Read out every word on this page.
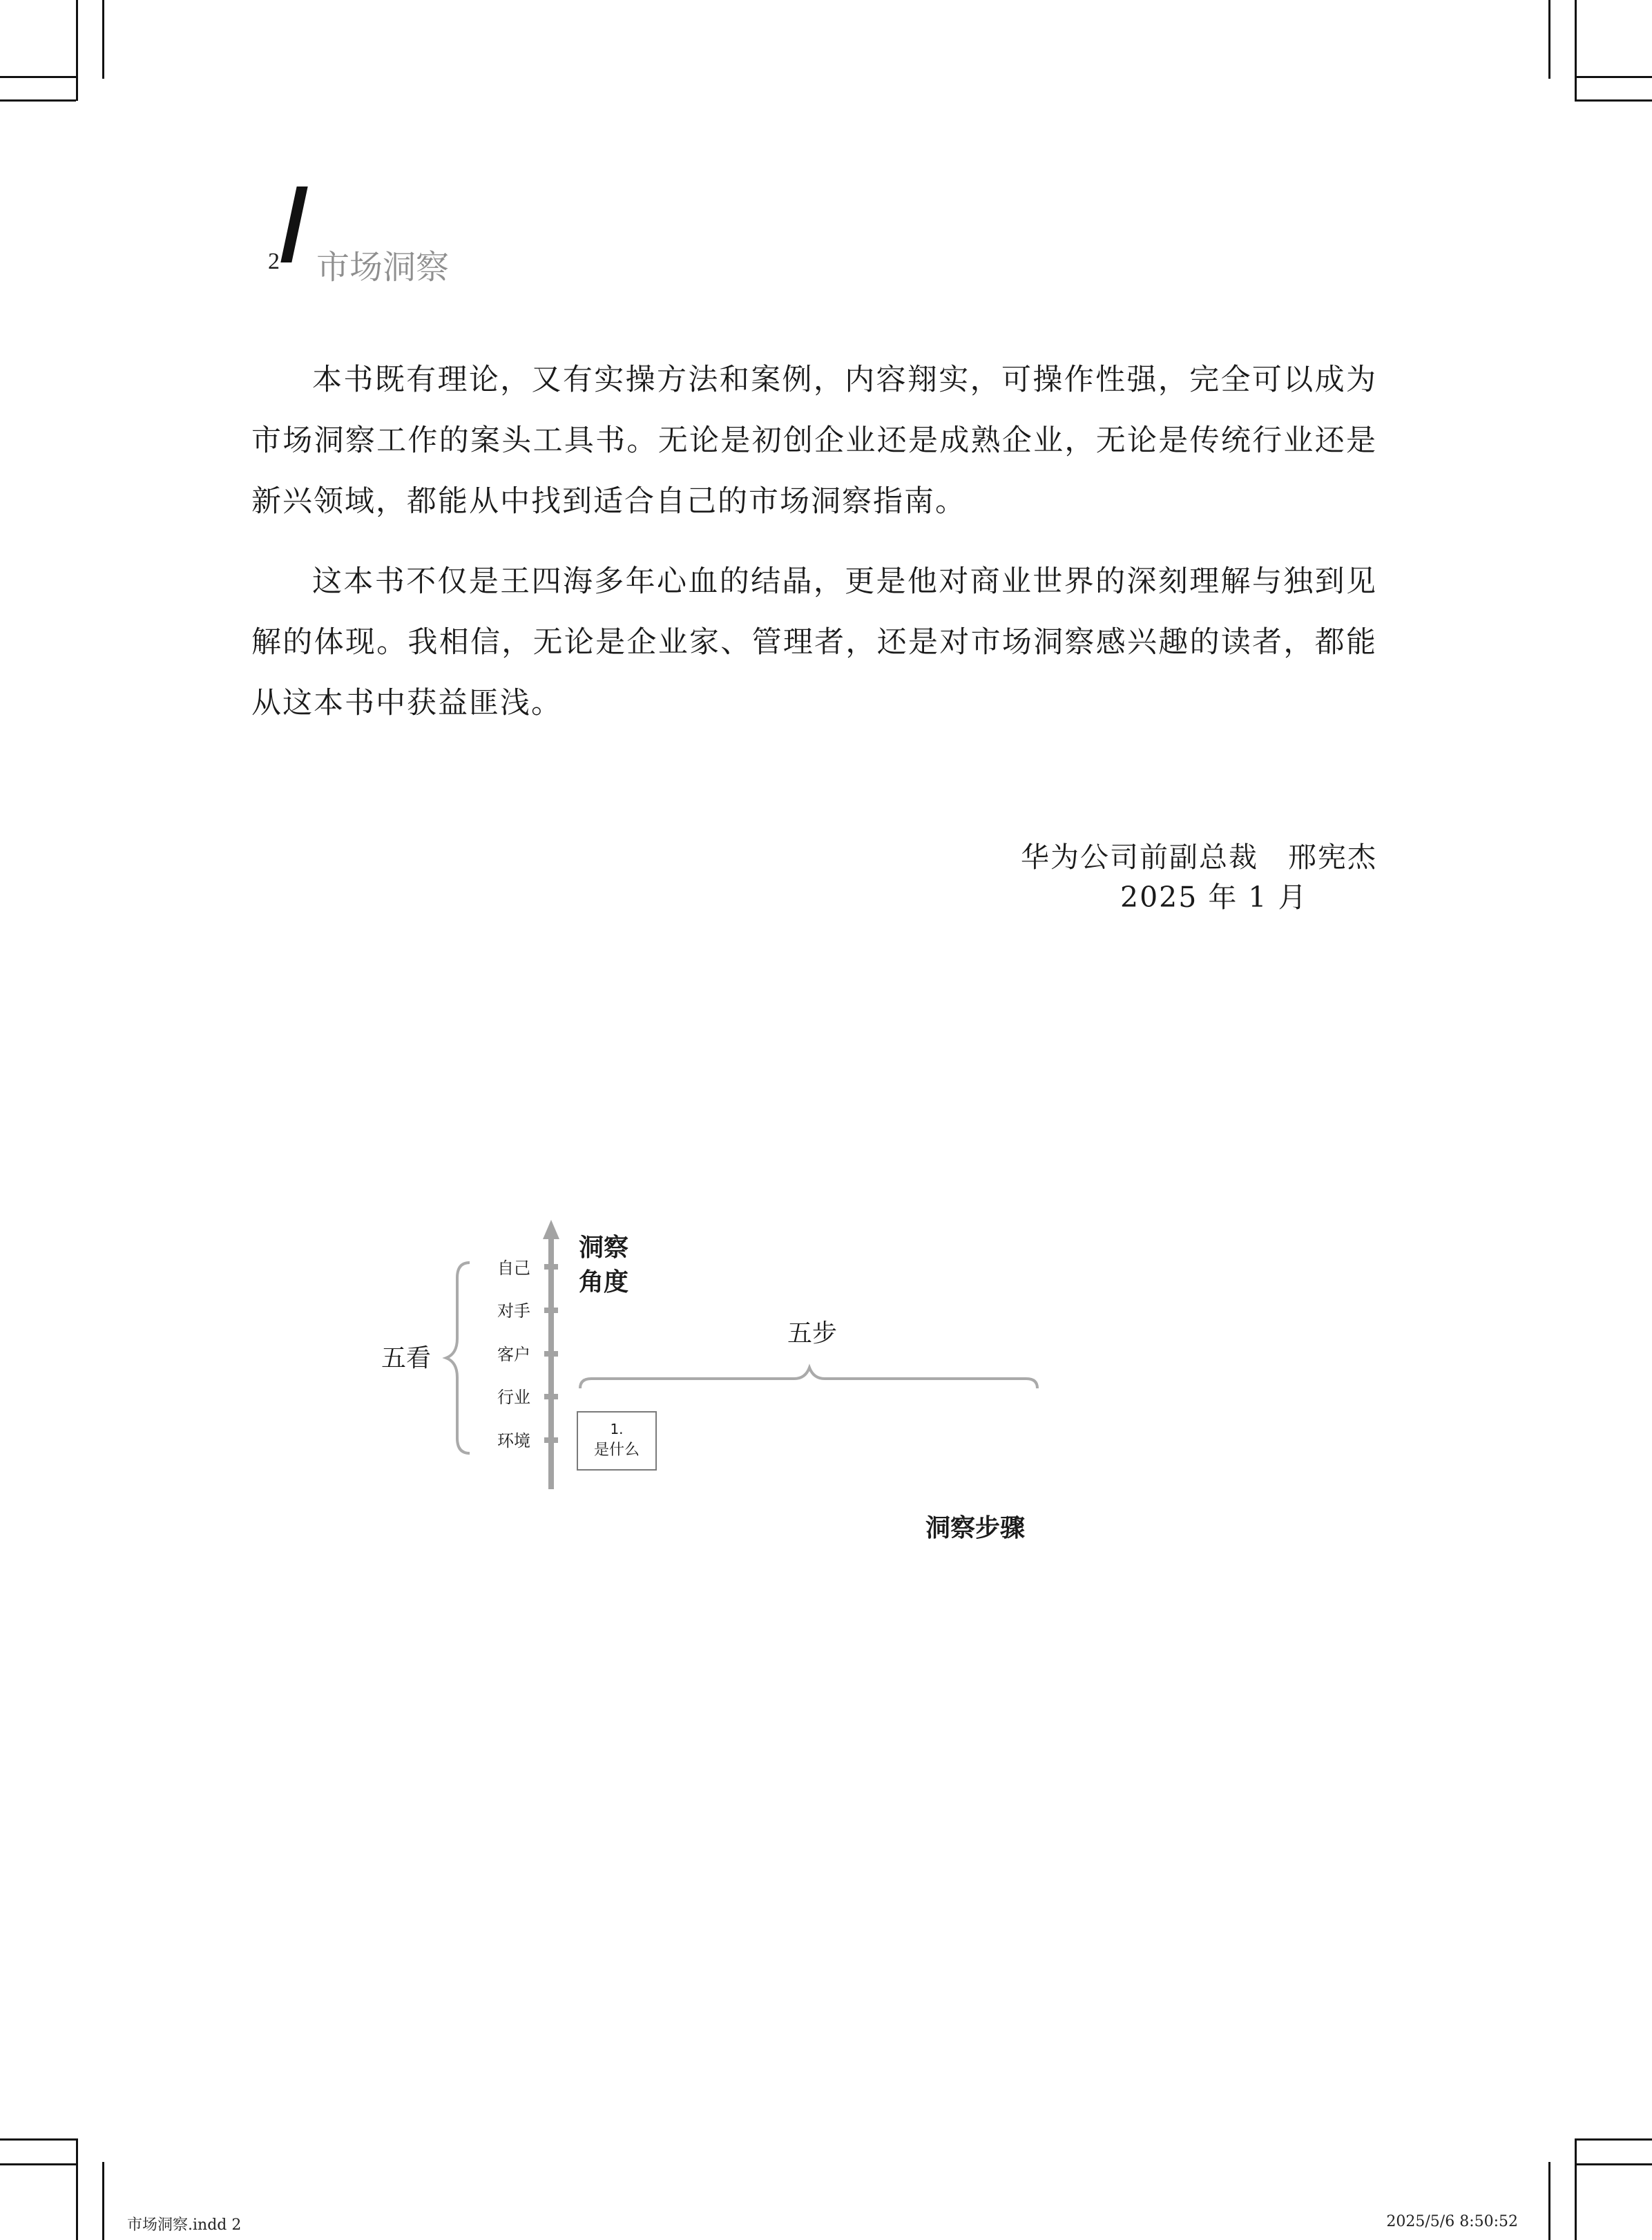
2 市场洞察

本书既有理论，又有实操方法和案例，内容翔实，可操作性强，完全可以成为市场洞察工作的案头工具书。无论是初创企业还是成熟企业，无论是传统行业还是新兴领域，都能从中找到适合自己的市场洞察指南。

这本书不仅是王四海多年心血的结晶，更是他对商业世界的深刻理解与独到见解的体现。我相信，无论是企业家、管理者，还是对市场洞察感兴趣的读者，都能从这本书中获益匪浅。

华为公司前副总裁　邢宪杰
2025 年 1 月
自己
对手
客户
行业
环境
五看
洞察
角度
五步
1.
是什么
洞察步骤
市场洞察.indd 2	2025/5/6 8:50:52
